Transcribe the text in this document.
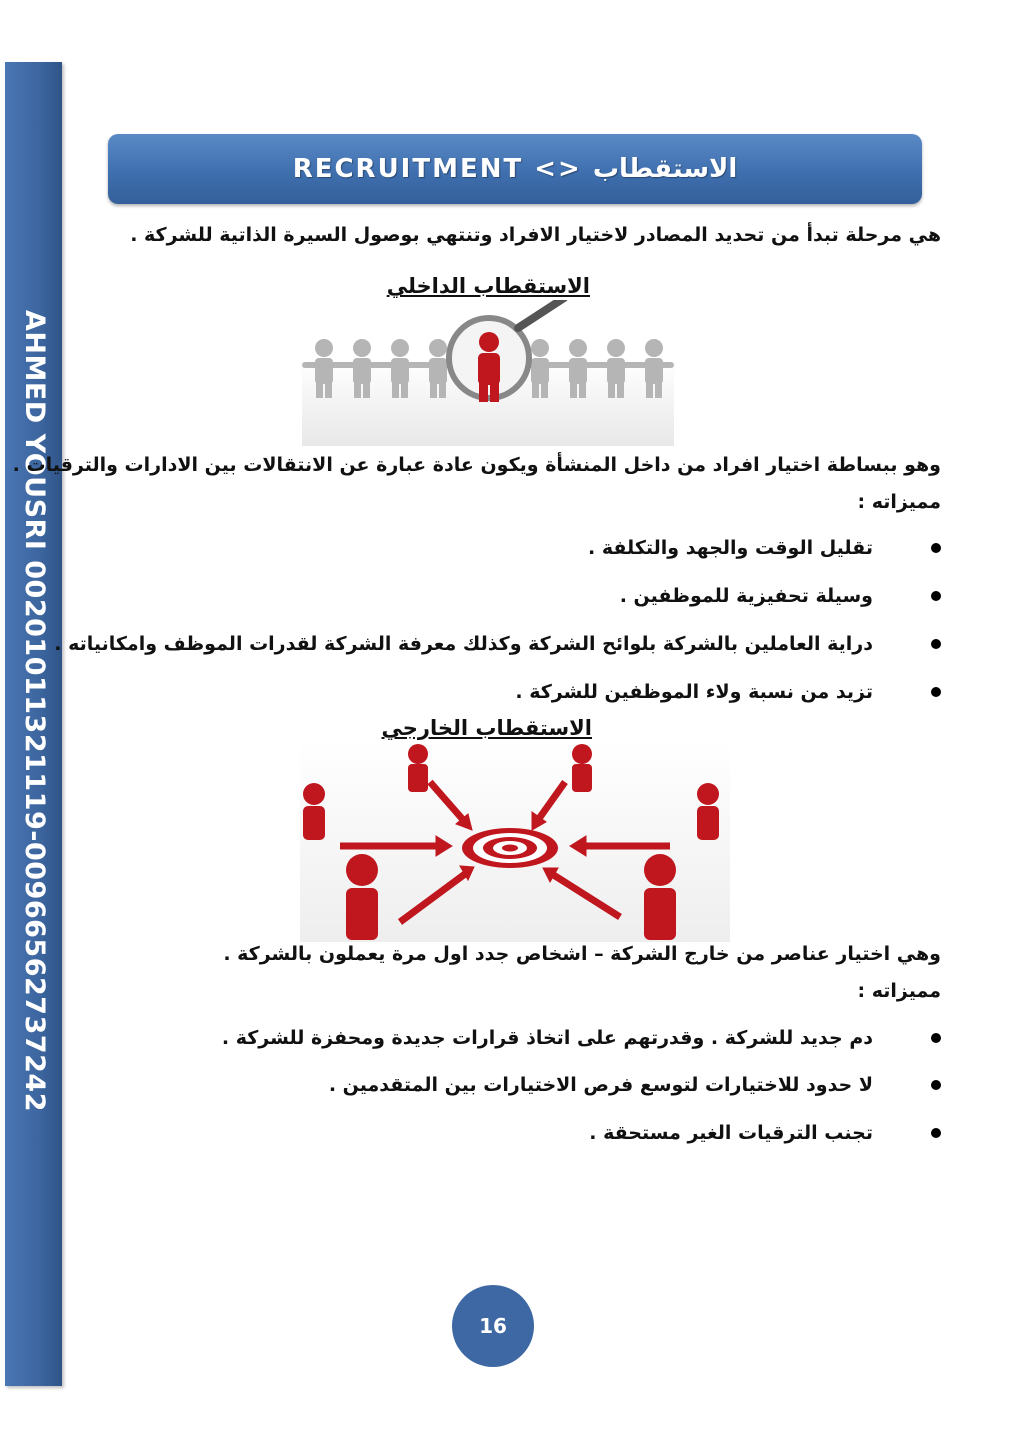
AHMED YOUSRI 00201011321119-00966562737242
RECRUITMENT <> الاستقطاب
هي مرحلة تبدأ من تحديد المصادر لاختيار الافراد وتنتهي بوصول السيرة الذاتية للشركة .
الاستقطاب الداخلي
وهو ببساطة اختيار افراد من داخل المنشأة ويكون عادة عبارة عن الانتقالات بين الادارات والترقيات .
مميزاته :
تقليل الوقت والجهد والتكلفة .
وسيلة تحفيزية للموظفين .
دراية العاملين بالشركة بلوائح الشركة وكذلك معرفة الشركة لقدرات الموظف وامكانياته .
تزيد من نسبة ولاء الموظفين للشركة .
الاستقطاب الخارجي
وهي اختيار عناصر من خارج الشركة – اشخاص جدد اول مرة يعملون بالشركة .
مميزاته :
دم جديد للشركة . وقدرتهم على اتخاذ قرارات جديدة ومحفزة للشركة .
لا حدود للاختيارات لتوسع فرص الاختيارات بين المتقدمين .
تجنب الترقيات الغير مستحقة .
16
